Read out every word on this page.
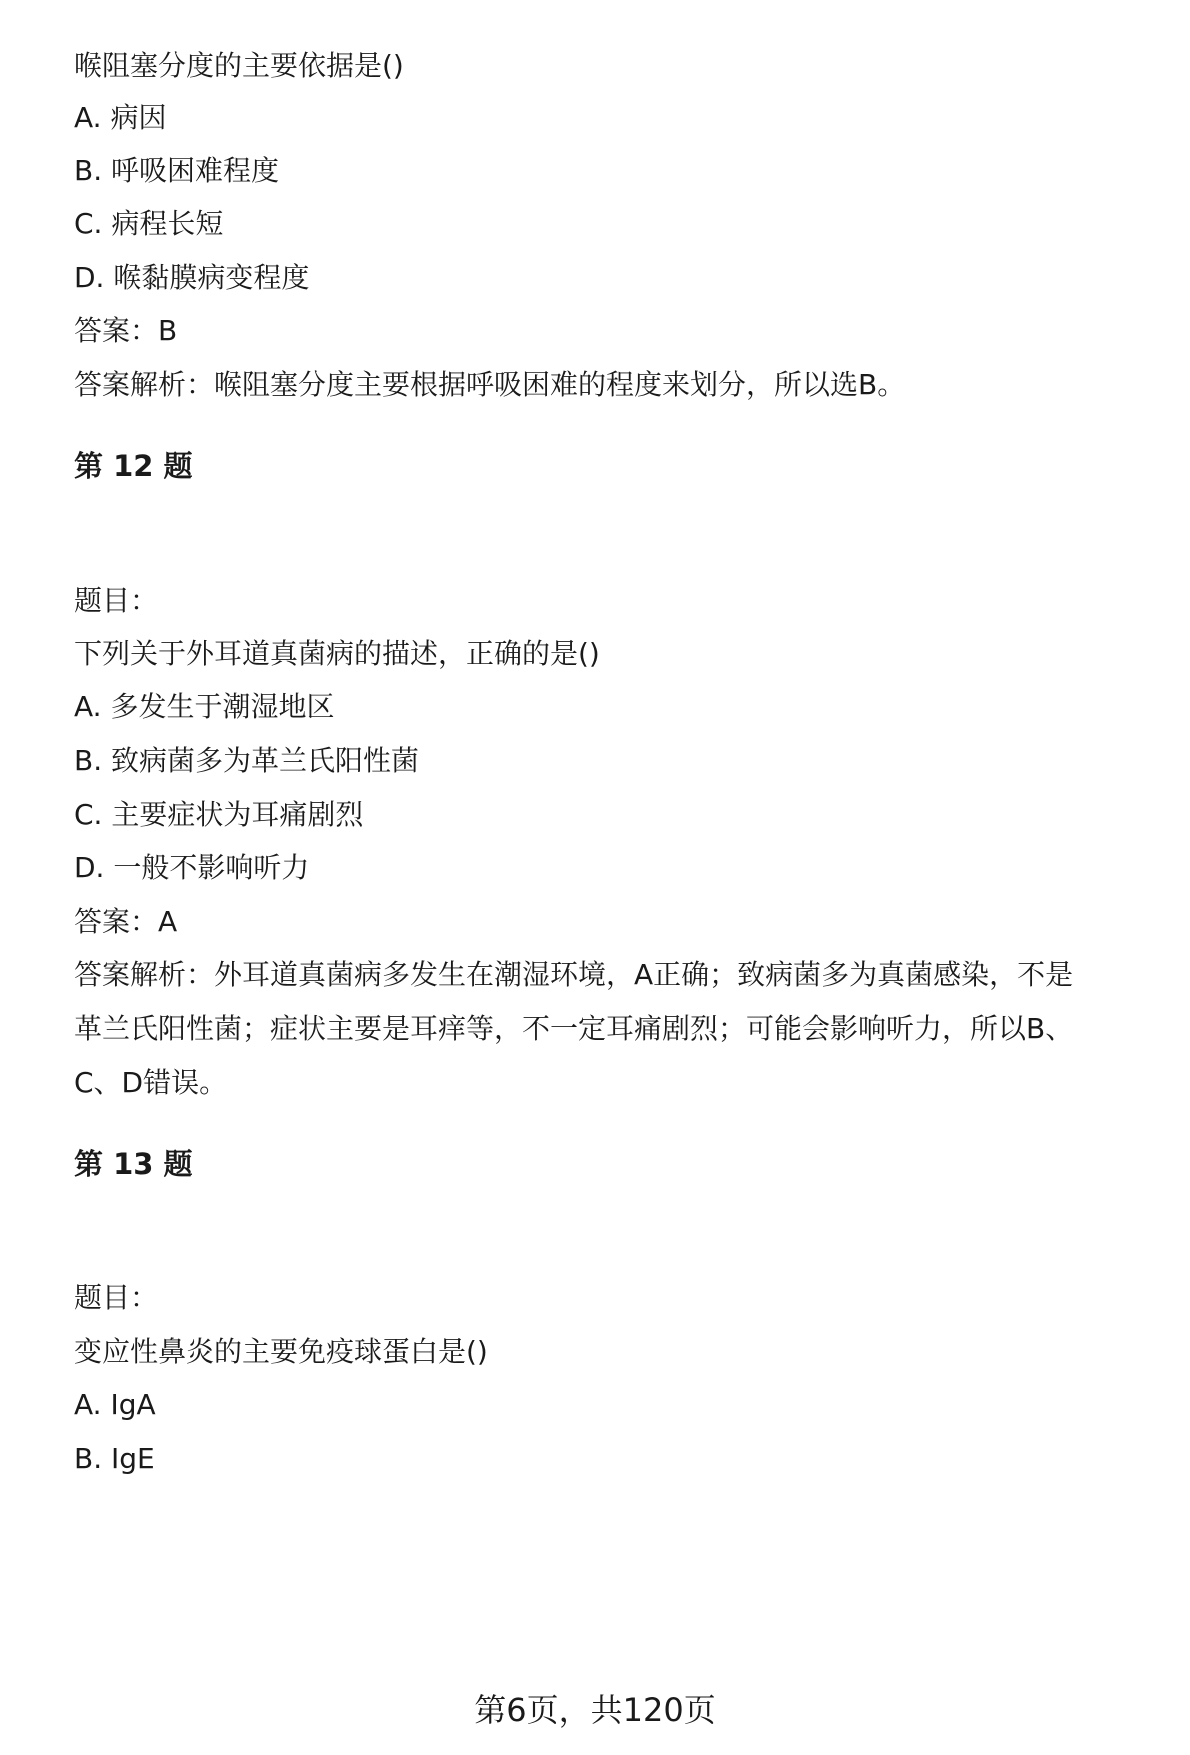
喉阻塞分度的主要依据是()
A. 病因
B. 呼吸困难程度
C. 病程长短
D. 喉黏膜病变程度
答案：B
答案解析：喉阻塞分度主要根据呼吸困难的程度来划分，所以选B。
第 12 题
题目：
下列关于外耳道真菌病的描述，正确的是()
A. 多发生于潮湿地区
B. 致病菌多为革兰氏阳性菌
C. 主要症状为耳痛剧烈
D. 一般不影响听力
答案：A
答案解析：外耳道真菌病多发生在潮湿环境，A正确；致病菌多为真菌感染，不是
革兰氏阳性菌；症状主要是耳痒等，不一定耳痛剧烈；可能会影响听力，所以B、
C、D错误。
第 13 题
题目：
变应性鼻炎的主要免疫球蛋白是()
A. IgA
B. IgE
第6页，共120页
